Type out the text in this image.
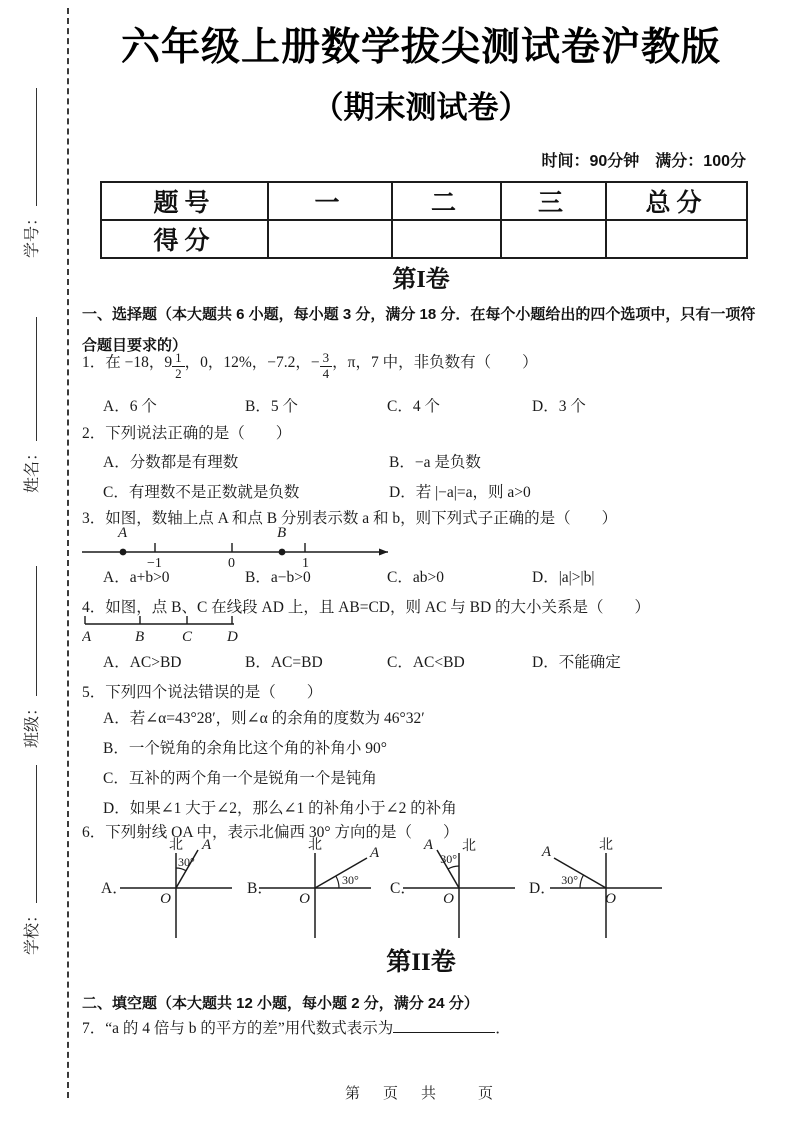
学号：
姓名：
班级：
学校：
六年级上册数学拔尖测试卷沪教版
（期末测试卷）
时间：90分钟　满分：100分
题号	一	二	三	总分
得分				
第I卷
一、选择题（本大题共 6 小题，每小题 3 分，满分 18 分．在每个小题给出的四个选项中，只有一项符合题目要求的）
1．在 −18，$9 \frac{1}{2}$ ，0，12%，−7.2，− $\frac{3}{4}$ ，π，7 中，非负数有（　　）
A．6 个	B．5 个	C．4 个	D．3 个
2．下列说法正确的是（　　）
A．分数都是有理数	B．−a 是负数
C．有理数不是正数就是负数	D．若 |−a|=a，则 a>0
3．如图，数轴上点 A 和点 B 分别表示数 a 和 b，则下列式子正确的是（　　）
A	B
−1	0	1
A．a+b>0	B．a−b>0	C．ab>0	D．|a|>|b|
4．如图，点 B、C 在线段 AD 上，且 AB=CD，则 AC 与 BD 的大小关系是（　　）
A	B	C D
A．AC>BD	B．AC=BD	C．AC<BD	D．不能确定
5．下列四个说法错误的是（　　）
A．若∠α=43°28′，则∠α 的余角的度数为 46°32′
B．一个锐角的余角比这个角的补角小 90°
C．互补的两个角一个是锐角一个是钝角
D．如果∠1 大于∠2，那么∠1 的补角小于∠2 的补角
6．下列射线 OA 中，表示北偏西 30° 方向的是（　　）
A．
北
30°
A
O
B．
北
30°
A
O
C．
北
30°
A
O
D．
北
30°
A
O
第II卷
二、填空题（本大题共 12 小题，每小题 2 分，满分 24 分）
7．“a 的 4 倍与 b 的平方的差”用代数式表示为	．
第　页　共　　页
